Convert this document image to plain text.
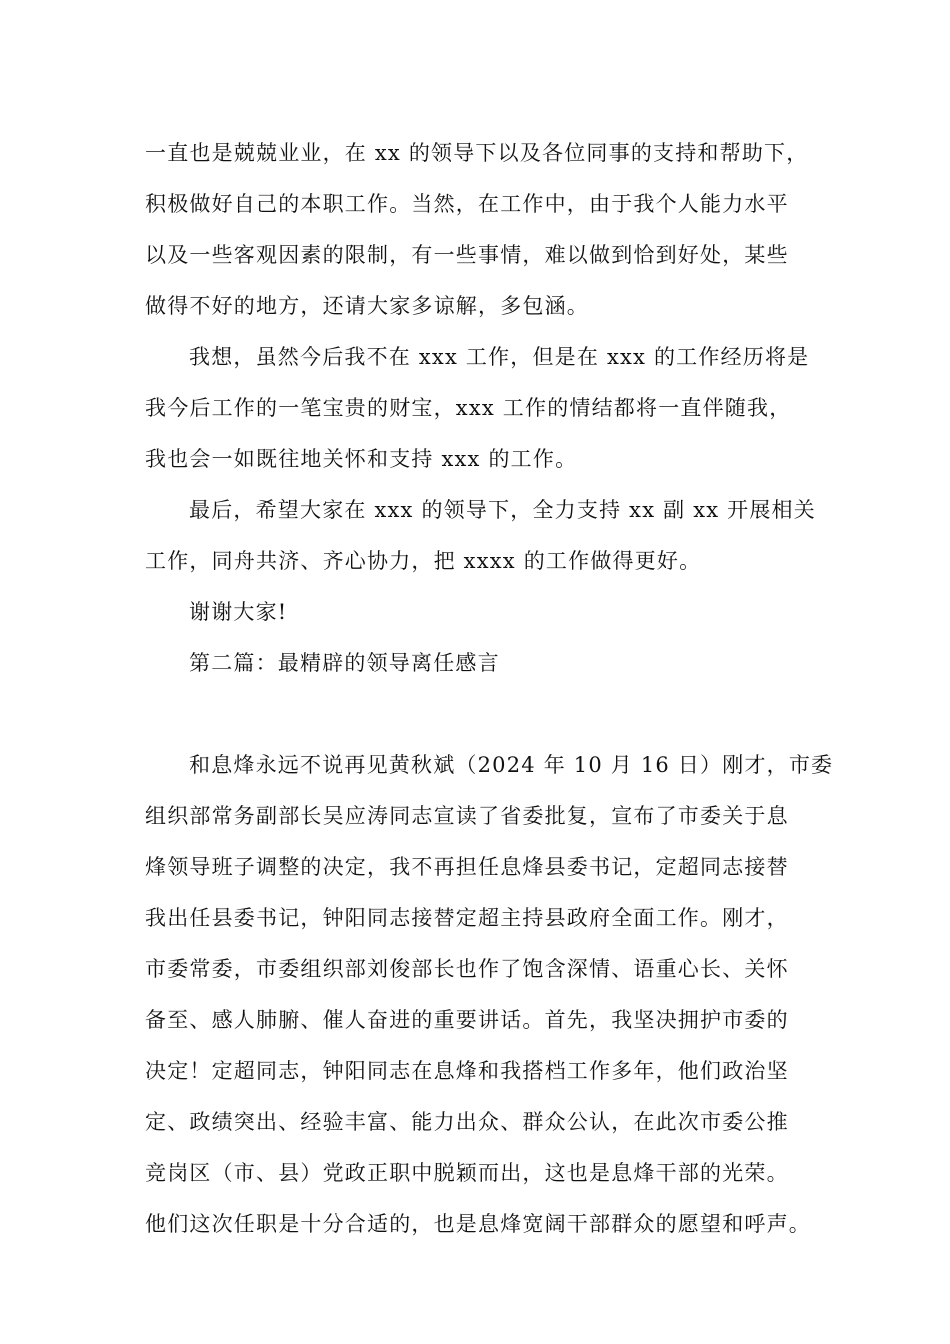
一直也是兢兢业业，在 xx 的领导下以及各位同事的支持和帮助下，
积极做好自己的本职工作。当然，在工作中，由于我个人能力水平
以及一些客观因素的限制，有一些事情，难以做到恰到好处，某些
做得不好的地方，还请大家多谅解，多包涵。

我想，虽然今后我不在 xxx 工作，但是在 xxx 的工作经历将是
我今后工作的一笔宝贵的财宝，xxx 工作的情结都将一直伴随我，
我也会一如既往地关怀和支持 xxx 的工作。

最后，希望大家在 xxx 的领导下，全力支持 xx 副 xx 开展相关
工作，同舟共济、齐心协力，把 xxxx 的工作做得更好。

谢谢大家!

第二篇：最精辟的领导离任感言

和息烽永远不说再见黄秋斌（2024 年 10 月 16 日）刚才，市委
组织部常务副部长吴应涛同志宣读了省委批复，宣布了市委关于息
烽领导班子调整的决定，我不再担任息烽县委书记，定超同志接替
我出任县委书记，钟阳同志接替定超主持县政府全面工作。刚才，
市委常委，市委组织部刘俊部长也作了饱含深情、语重心长、关怀
备至、感人肺腑、催人奋进的重要讲话。首先，我坚决拥护市委的
决定！定超同志，钟阳同志在息烽和我搭档工作多年，他们政治坚
定、政绩突出、经验丰富、能力出众、群众公认，在此次市委公推
竞岗区（市、县）党政正职中脱颖而出，这也是息烽干部的光荣。
他们这次任职是十分合适的，也是息烽宽阔干部群众的愿望和呼声。
